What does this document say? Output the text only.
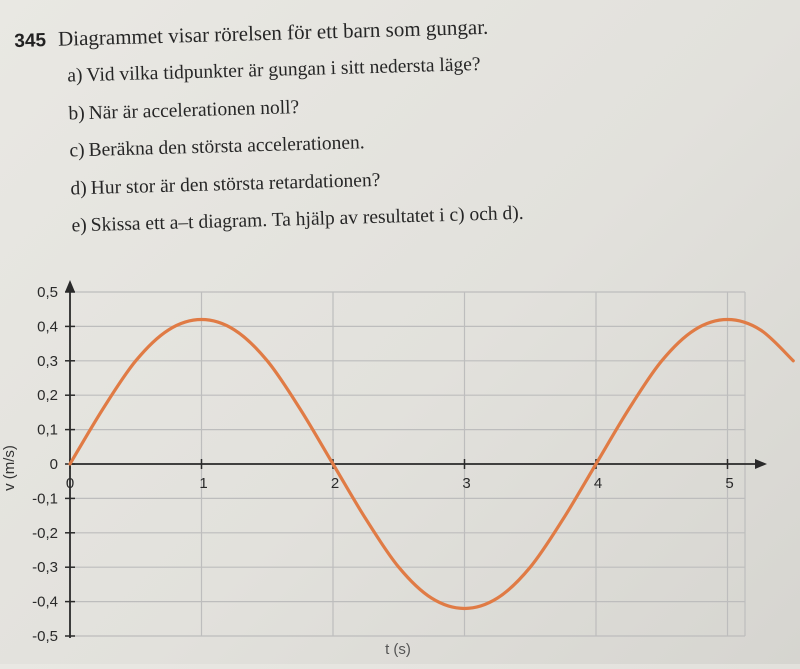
345 Diagrammet visar rörelsen för ett barn som gungar.
a) Vid vilka tidpunkter är gungan i sitt nedersta läge?
b) När är accelerationen noll?
c) Beräkna den största accelerationen.
d) Hur stor är den största retardationen?
e) Skissa ett a–t diagram. Ta hjälp av resultatet i c) och d).
0,5
0,4
0,3
0,2
0,1
0
-0,1
-0,2
-0,3
-0,4
-0,5
0	1	2	3	4	5
v (m/s)
t (s)
